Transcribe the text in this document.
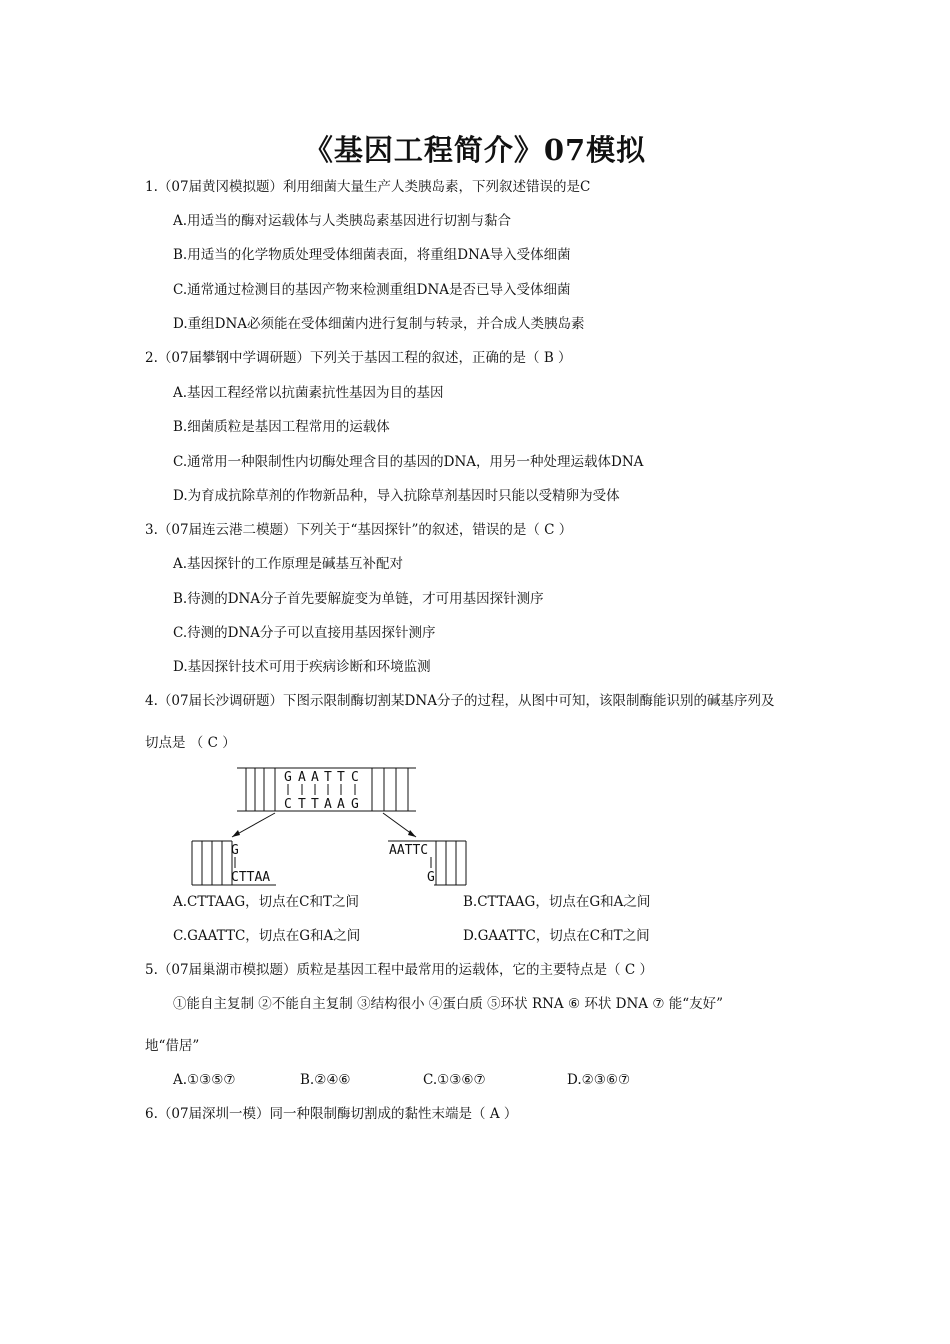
《基因工程简介》07模拟
1.（07届黄冈模拟题）利用细菌大量生产人类胰岛素，下列叙述错误的是C
A.用适当的酶对运载体与人类胰岛素基因进行切割与黏合
B.用适当的化学物质处理受体细菌表面，将重组DNA导入受体细菌
C.通常通过检测目的基因产物来检测重组DNA是否已导入受体细菌
D.重组DNA必须能在受体细菌内进行复制与转录，并合成人类胰岛素
2.（07届攀钢中学调研题）下列关于基因工程的叙述，正确的是（ B ）
A.基因工程经常以抗菌素抗性基因为目的基因
B.细菌质粒是基因工程常用的运载体
C.通常用一种限制性内切酶处理含目的基因的DNA，用另一种处理运载体DNA
D.为育成抗除草剂的作物新品种，导入抗除草剂基因时只能以受精卵为受体
3.（07届连云港二模题）下列关于“基因探针”的叙述，错误的是（ C ）
A.基因探针的工作原理是碱基互补配对
B.待测的DNA分子首先要解旋变为单链，才可用基因探针测序
C.待测的DNA分子可以直接用基因探针测序
D.基因探针技术可用于疾病诊断和环境监测
4.（07届长沙调研题）下图示限制酶切割某DNA分子的过程，从图中可知，该限制酶能识别的碱基序列及
切点是 （ C ）
G A A T T C
C T T A A G
G
CTTAA
AATTC
G
A.CTTAAG，切点在C和T之间	B.CTTAAG，切点在G和A之间
C.GAATTC，切点在G和A之间	D.GAATTC，切点在C和T之间
5.（07届巢湖市模拟题）质粒是基因工程中最常用的运载体，它的主要特点是（ C ）
①能自主复制 ②不能自主复制 ③结构很小 ④蛋白质 ⑤环状 RNA ⑥ 环状 DNA ⑦ 能“友好”
地“借居”
A.①③⑤⑦	B.②④⑥	C.①③⑥⑦	D.②③⑥⑦
6.（07届深圳一模）同一种限制酶切割成的黏性末端是（ A ）
